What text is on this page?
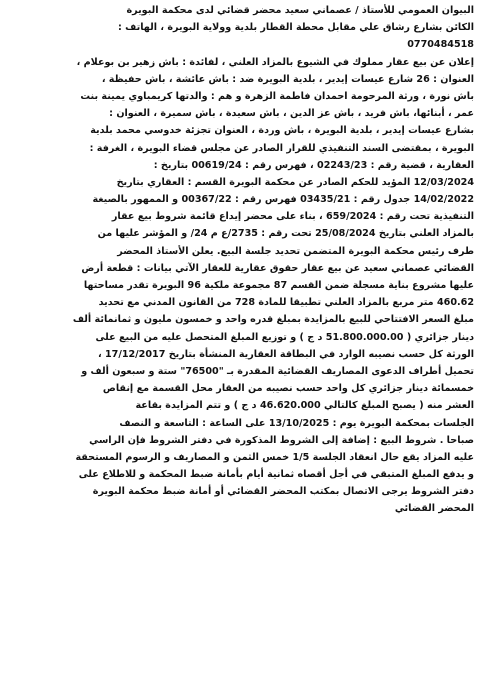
البيوان العمومي للأستاذ / عصماني سعيد محضر قضائي لدى محكمة البويرة
الكائن بشارع رشاق علي مقابل محطة القطار بلدية وولاية البويرة ، الهاتف :
0770484518
إعلان عن بيع عقار مملوك في الشيوع بالمزاد العلني ، لفائدة : باش زهير بن بوعلام ،
العنوان : 26 شارع عيسات إيدير ، بلدية البويرة ضد : باش عائشة ، باش حفيظة ،
باش نورة ، ورثة المرحومة احمدان فاطمة الزهرة و هم : والدتها كريمباوي يمينة بنت
عمر ، أبنائها، باش فريد ، باش عز الدين ، باش سعيدة ، باش سميرة ، العنوان :
بشارع عيسات إيدير ، بلدية البويرة ، باش وردة ، العنوان تجزئة خدوسي محمد بلدية
البويرة ، بمقتضى السند التنفيذي للقرار الصادر عن مجلس قضاء البويرة ، الغرفة :
العقارية ، قضية رقم : 02243/23 ، فهرس رقم : 00619/24 بتاريخ :
12/03/2024 المؤيد للحكم الصادر عن محكمة البويرة القسم : العقاري بتاريخ
14/02/2022 جدول رقم : 03435/21 فهرس رقم : 00367/22 و الممهور بالصيغة
التنفيذية تحت رقم : 659/2024 ، بناء على محضر إيداع قائمة شروط بيع عقار
بالمزاد العلني بتاريخ 25/08/2024 تحت رقم : 2735/ع م 24/ و المؤشر عليها من
طرف رئيس محكمة البويرة المتضمن تحديد جلسة البيع. يعلن الأستاذ المحضر
القضائي عصماني سعيد عن بيع عقار حقوق عقارية للعقار الآتي بيانات : قطعة أرض
عليها مشروع بناية مسجلة ضمن القسم 87 مجموعة ملكية 96 البويرة تقدر مساحتها
460.62 متر مربع بالمزاد العلني تطبيقا للمادة 728 من القانون المدني مع تحديد
مبلغ السعر الافتتاحي للبيع بالمزايدة بمبلغ قدره واحد و خمسون مليون و ثمانمائة ألف
دينار جزائري ( 51.800.000.00 د ج ) و توزيع المبلغ المتحصل عليه من البيع على
الورثة كل حسب نصيبه الوارد في البطاقة العقارية المنشأة بتاريخ 17/12/2017 ،
تحميل أطراف الدعوى المصاريف القضائية المقدرة بـ "76500" ستة و سبعون ألف و
خمسمائة دينار جزائري كل واحد حسب نصيبه من العقار محل القسمة مع إنقاص
العشر منه ( يصبح المبلغ كالتالي 46.620.000 د ج ) و تتم المزايدة بقاعة
الجلسات بمحكمة البويرة يوم : 13/10/2025 على الساعة : التاسعة و النصف
صباحا . شروط البيع : إضافة إلى الشروط المذكورة في دفتر الشروط فإن الراسي
عليه المزاد يقع حال انعقاد الجلسة 1/5 خمس الثمن و المصاريف و الرسوم المستحقة
و يدفع المبلغ المتبقي في أجل أقصاه ثمانية أيام بأمانة ضبط المحكمة و للاطلاع على
دفتر الشروط يرجى الاتصال بمكتب المحضر القضائي أو أمانة ضبط محكمة البويرة
المحضر القضائي
